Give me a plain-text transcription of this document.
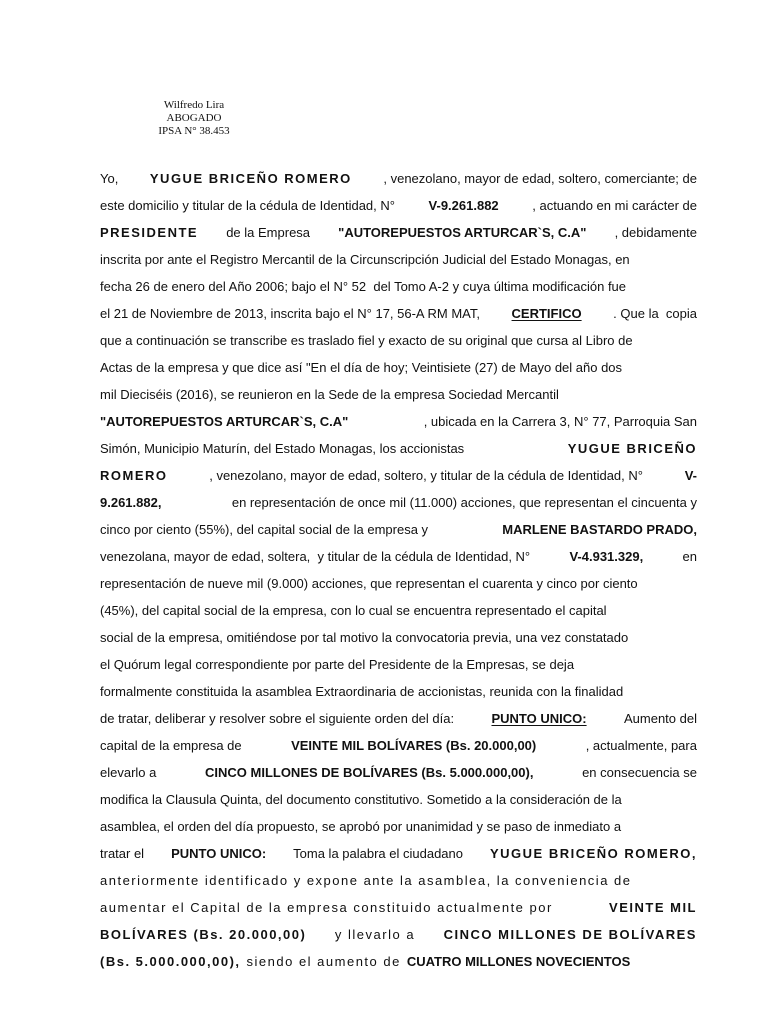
Wilfredo Lira
ABOGADO
IPSA N° 38.453
Yo, YUGUE BRICEÑO ROMERO , venezolano, mayor de edad, soltero, comerciante; de
este domicilio y titular de la cédula de Identidad, N°	V-9.261.882	, actuando en mi carácter de
PRESIDENTE de la Empresa "AUTOREPUESTOS ARTURCAR`S, C.A" , debidamente
inscrita por ante el Registro Mercantil de la Circunscripción Judicial del Estado Monagas, en
fecha 26 de enero del Año 2006; bajo el N° 52  del Tomo A-2 y cuya última modificación fue
el 21 de Noviembre de 2013, inscrita bajo el N° 17, 56-A RM MAT, CERTIFICO . Que la  copia
que a continuación se transcribe es traslado fiel y exacto de su original que cursa al Libro de
Actas de la empresa y que dice así "En el día de hoy; Veintisiete (27) de Mayo del año dos
mil Dieciséis (2016), se reunieron en la Sede de la empresa Sociedad Mercantil
"AUTOREPUESTOS ARTURCAR`S, C.A"	, ubicada en la Carrera 3, N° 77, Parroquia San
Simón, Municipio Maturín, del Estado Monagas, los accionistas	YUGUE BRICEÑO
ROMERO	, venezolano, mayor de edad, soltero, y titular de la cédula de Identidad, N°	V-
9.261.882,	en representación de once mil (11.000) acciones, que representan el cincuenta y
cinco por ciento (55%), del capital social de la empresa y	MARLENE BASTARDO PRADO,
venezolana, mayor de edad, soltera,  y titular de la cédula de Identidad, N°	V-4.931.329,	en
representación de nueve mil (9.000) acciones, que representan el cuarenta y cinco por ciento
(45%), del capital social de la empresa, con lo cual se encuentra representado el capital
social de la empresa, omitiéndose por tal motivo la convocatoria previa, una vez constatado
el Quórum legal correspondiente por parte del Presidente de la Empresas, se deja
formalmente constituida la asamblea Extraordinaria de accionistas, reunida con la finalidad
de tratar, deliberar y resolver sobre el siguiente orden del día:	PUNTO UNICO:	Aumento del
capital de la empresa de	VEINTE MIL BOLÍVARES (Bs. 20.000,00)	, actualmente, para
elevarlo a	CINCO MILLONES DE BOLÍVARES (Bs. 5.000.000,00),	en consecuencia se
modifica la Clausula Quinta, del documento constitutivo. Sometido a la consideración de la
asamblea, el orden del día propuesto, se aprobó por unanimidad y se paso de inmediato a
tratar el PUNTO UNICO: Toma la palabra el ciudadano YUGUE BRICEÑO ROMERO,
anteriormente identificado y expone ante la asamblea, la conveniencia de
aumentar el Capital de la empresa constituido actualmente por	VEINTE MIL
BOLÍVARES (Bs. 20.000,00) y llevarlo a CINCO MILLONES DE BOLÍVARES
(Bs. 5.000.000,00), siendo el aumento de CUATRO MILLONES NOVECIENTOS
